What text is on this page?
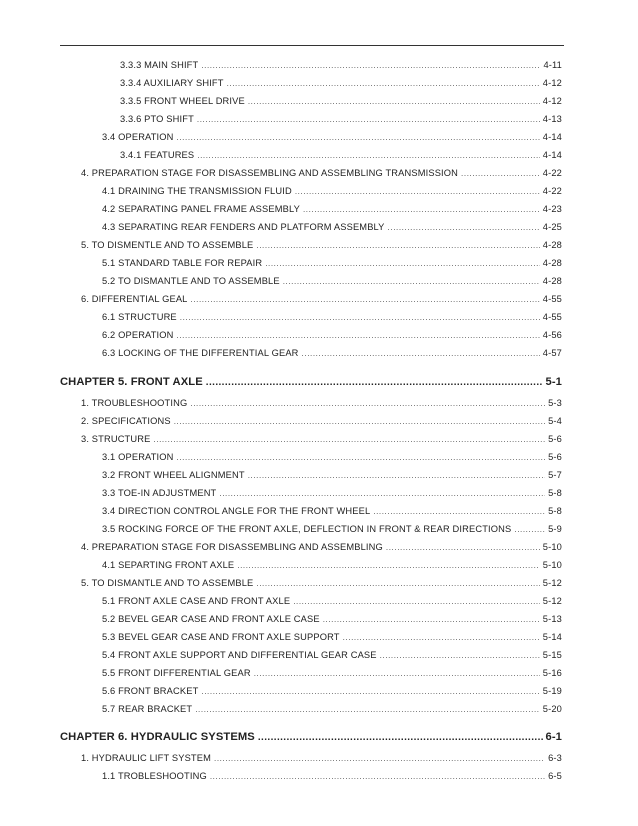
3.3.3 MAIN SHIFT .....	4-11
3.3.4 AUXILIARY SHIFT .....	4-12
3.3.5 FRONT WHEEL DRIVE .....	4-12
3.3.6 PTO SHIFT .....	4-13
3.4 OPERATION .....	4-14
3.4.1 FEATURES .....	4-14
4. PREPARATION STAGE FOR DISASSEMBLING AND ASSEMBLING TRANSMISSION .....	4-22
4.1 DRAINING THE TRANSMISSION FLUID .....	4-22
4.2 SEPARATING PANEL FRAME ASSEMBLY .....	4-23
4.3 SEPARATING REAR FENDERS AND PLATFORM ASSEMBLY .....	4-25
5. TO DISMENTLE AND TO ASSEMBLE .....	4-28
5.1 STANDARD TABLE FOR REPAIR .....	4-28
5.2 TO DISMANTLE AND TO ASSEMBLE .....	4-28
6. DIFFERENTIAL GEAL .....	4-55
6.1 STRUCTURE .....	4-55
6.2 OPERATION .....	4-56
6.3 LOCKING OF THE DIFFERENTIAL GEAR .....	4-57
CHAPTER 5. FRONT AXLE .....	5-1
1. TROUBLESHOOTING .....	5-3
2. SPECIFICATIONS .....	5-4
3. STRUCTURE .....	5-6
3.1 OPERATION .....	5-6
3.2 FRONT WHEEL ALIGNMENT .....	5-7
3.3 TOE-IN ADJUSTMENT .....	5-8
3.4 DIRECTION CONTROL ANGLE FOR THE FRONT WHEEL .....	5-8
3.5 ROCKING FORCE OF THE FRONT AXLE, DEFLECTION IN FRONT & REAR DIRECTIONS .....	5-9
4. PREPARATION STAGE FOR DISASSEMBLING AND ASSEMBLING .....	5-10
4.1 SEPARTING FRONT AXLE .....	5-10
5. TO DISMANTLE AND TO ASSEMBLE .....	5-12
5.1 FRONT AXLE CASE AND FRONT AXLE .....	5-12
5.2 BEVEL GEAR CASE AND FRONT AXLE CASE .....	5-13
5.3 BEVEL GEAR CASE AND FRONT AXLE SUPPORT .....	5-14
5.4 FRONT AXLE SUPPORT AND DIFFERENTIAL GEAR CASE .....	5-15
5.5 FRONT DIFFERENTIAL GEAR .....	5-16
5.6 FRONT BRACKET .....	5-19
5.7 REAR BRACKET .....	5-20
CHAPTER 6. HYDRAULIC SYSTEMS .....	6-1
1. HYDRAULIC LIFT SYSTEM .....	6-3
1.1 TROBLESHOOTING .....	6-5
